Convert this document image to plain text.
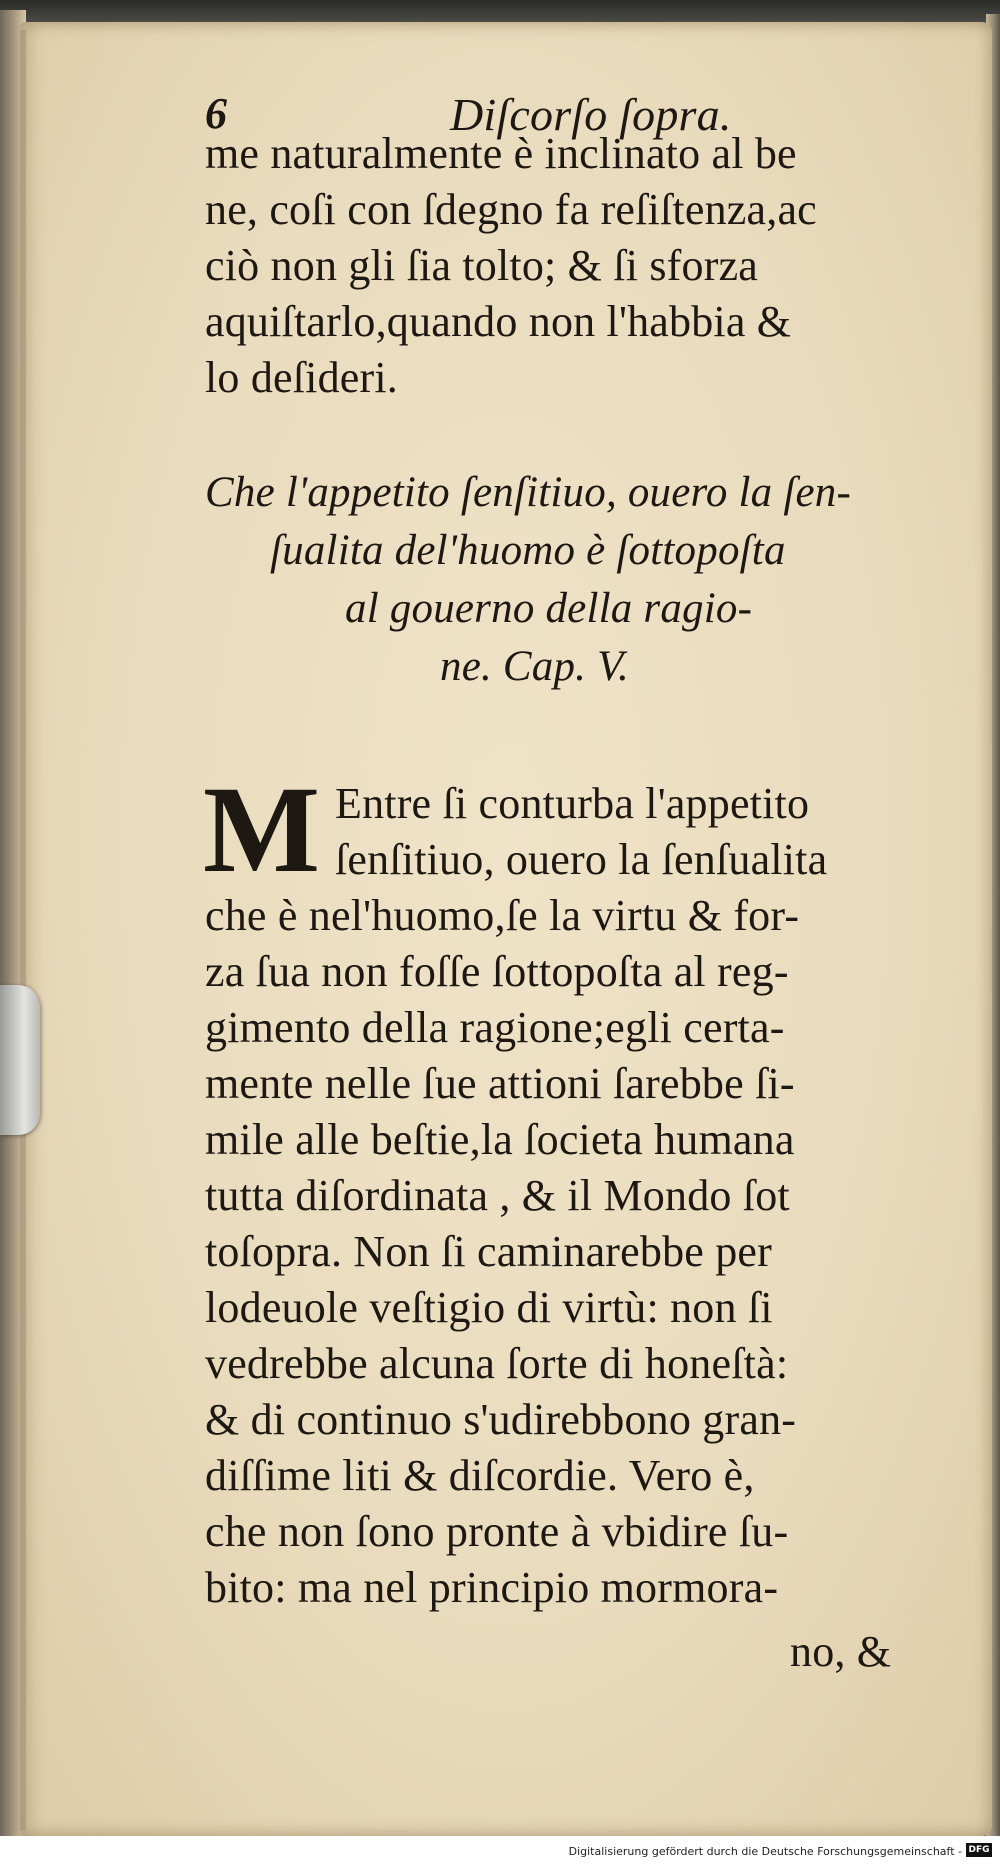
6	Diſcorſo ſopra.
me naturalmente è inclinato al be
ne, coſi con ſdegno fa reſiſtenza,ac
ciò non gli ſia tolto; & ſi sforza
aquiſtarlo,quando non l'habbia &
lo deſideri.
Che l'appetito ſenſitiuo, ouero la ſen-
ſualita del'huomo è ſottopoſta
al gouerno della ragio-
ne. Cap. V.
M Entre ſi conturba l'appetito
ſenſitiuo, ouero la ſenſualita
che è nel'huomo,ſe la virtu & for-
za ſua non foſſe ſottopoſta al reg-
gimento della ragione;egli certa-
mente nelle ſue attioni ſarebbe ſi-
mile alle beſtie,la ſocieta humana
tutta diſordinata , & il Mondo ſot
toſopra. Non ſi caminarebbe per
lodeuole veſtigio di virtù: non ſi
vedrebbe alcuna ſorte di honeſtà:
& di continuo s'udirebbono gran-
diſſime liti & diſcordie. Vero è,
che non ſono pronte à vbidire ſu-
bito: ma nel principio mormora-
no, &
Digitalisierung gefördert durch die Deutsche Forschungsgemeinschaft - DFG
